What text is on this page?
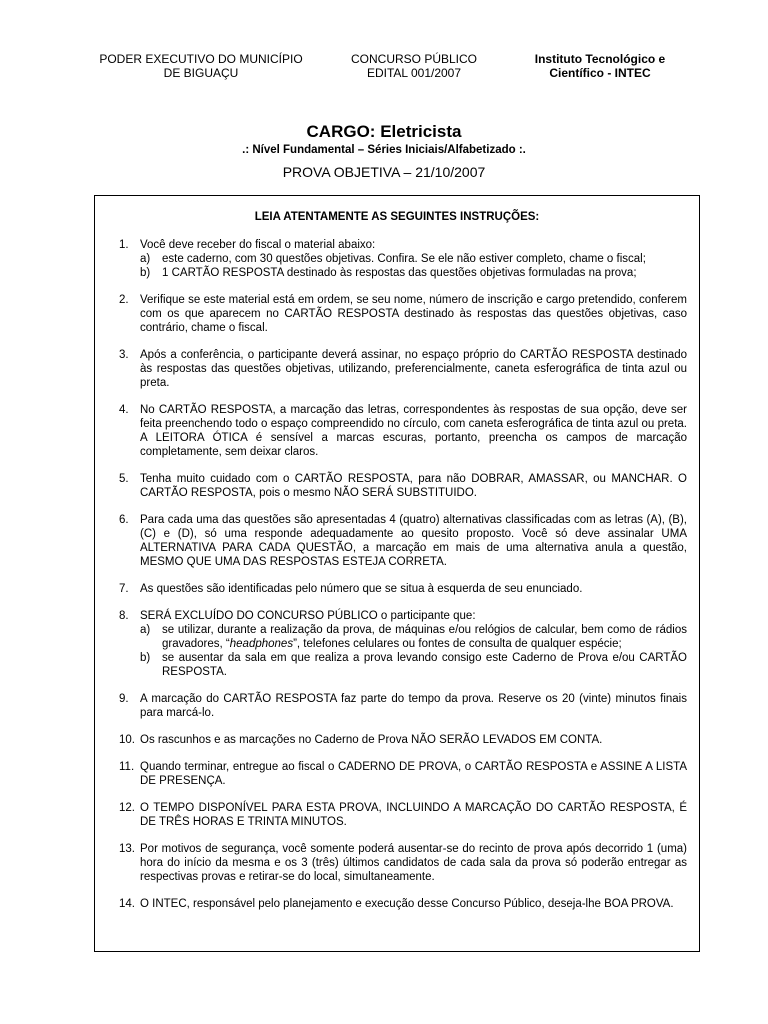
PODER EXECUTIVO DO MUNICÍPIO
DE BIGUAÇU
CONCURSO PÚBLICO
EDITAL 001/2007
Instituto Tecnológico e
Científico - INTEC
CARGO: Eletricista
.: Nível Fundamental – Séries Iniciais/Alfabetizado :.
PROVA OBJETIVA – 21/10/2007
LEIA ATENTAMENTE AS SEGUINTES INSTRUÇÕES:
1. Você deve receber do fiscal o material abaixo:
a)	este caderno, com 30 questões objetivas. Confira. Se ele não estiver completo, chame o fiscal;
b)	1 CARTÃO RESPOSTA destinado às respostas das questões objetivas formuladas na prova;
2. Verifique se este material está em ordem, se seu nome, número de inscrição e cargo pretendido, conferem com os que aparecem no CARTÃO RESPOSTA destinado às respostas das questões objetivas, caso contrário, chame o fiscal.
3. Após a conferência, o participante deverá assinar, no espaço próprio do CARTÃO RESPOSTA destinado às respostas das questões objetivas, utilizando, preferencialmente, caneta esferográfica de tinta azul ou preta.
4. No CARTÃO RESPOSTA, a marcação das letras, correspondentes às respostas de sua opção, deve ser feita preenchendo todo o espaço compreendido no círculo, com caneta esferográfica de tinta azul ou preta. A LEITORA ÓTICA é sensível a marcas escuras, portanto, preencha os campos de marcação completamente, sem deixar claros.
5. Tenha muito cuidado com o CARTÃO RESPOSTA, para não DOBRAR, AMASSAR, ou MANCHAR. O CARTÃO RESPOSTA, pois o mesmo NÃO SERÁ SUBSTITUIDO.
6. Para cada uma das questões são apresentadas 4 (quatro) alternativas classificadas com as letras (A), (B), (C) e (D), só uma responde adequadamente ao quesito proposto. Você só deve assinalar UMA ALTERNATIVA PARA CADA QUESTÃO, a marcação em mais de uma alternativa anula a questão, MESMO QUE UMA DAS RESPOSTAS ESTEJA CORRETA.
7. As questões são identificadas pelo número que se situa à esquerda de seu enunciado.
8. SERÁ EXCLUÍDO DO CONCURSO PÚBLICO o participante que:
a)	se utilizar, durante a realização da prova, de máquinas e/ou relógios de calcular, bem como de rádios gravadores, “headphones”, telefones celulares ou fontes de consulta de qualquer espécie;
b)	se ausentar da sala em que realiza a prova levando consigo este Caderno de Prova e/ou CARTÃO RESPOSTA.
9. A marcação do CARTÃO RESPOSTA faz parte do tempo da prova. Reserve os 20 (vinte) minutos finais para marcá-lo.
10. Os rascunhos e as marcações no Caderno de Prova NÃO SERÃO LEVADOS EM CONTA.
11. Quando terminar, entregue ao fiscal o CADERNO DE PROVA, o CARTÃO RESPOSTA e ASSINE A LISTA DE PRESENÇA.
12. O TEMPO DISPONÍVEL PARA ESTA PROVA, INCLUINDO A MARCAÇÃO DO CARTÃO RESPOSTA, É DE TRÊS HORAS E TRINTA MINUTOS.
13. Por motivos de segurança, você somente poderá ausentar-se do recinto de prova após decorrido 1 (uma) hora do início da mesma e os 3 (três) últimos candidatos de cada sala da prova só poderão entregar as respectivas provas e retirar-se do local, simultaneamente.
14. O INTEC, responsável pelo planejamento e execução desse Concurso Público, deseja-lhe BOA PROVA.
